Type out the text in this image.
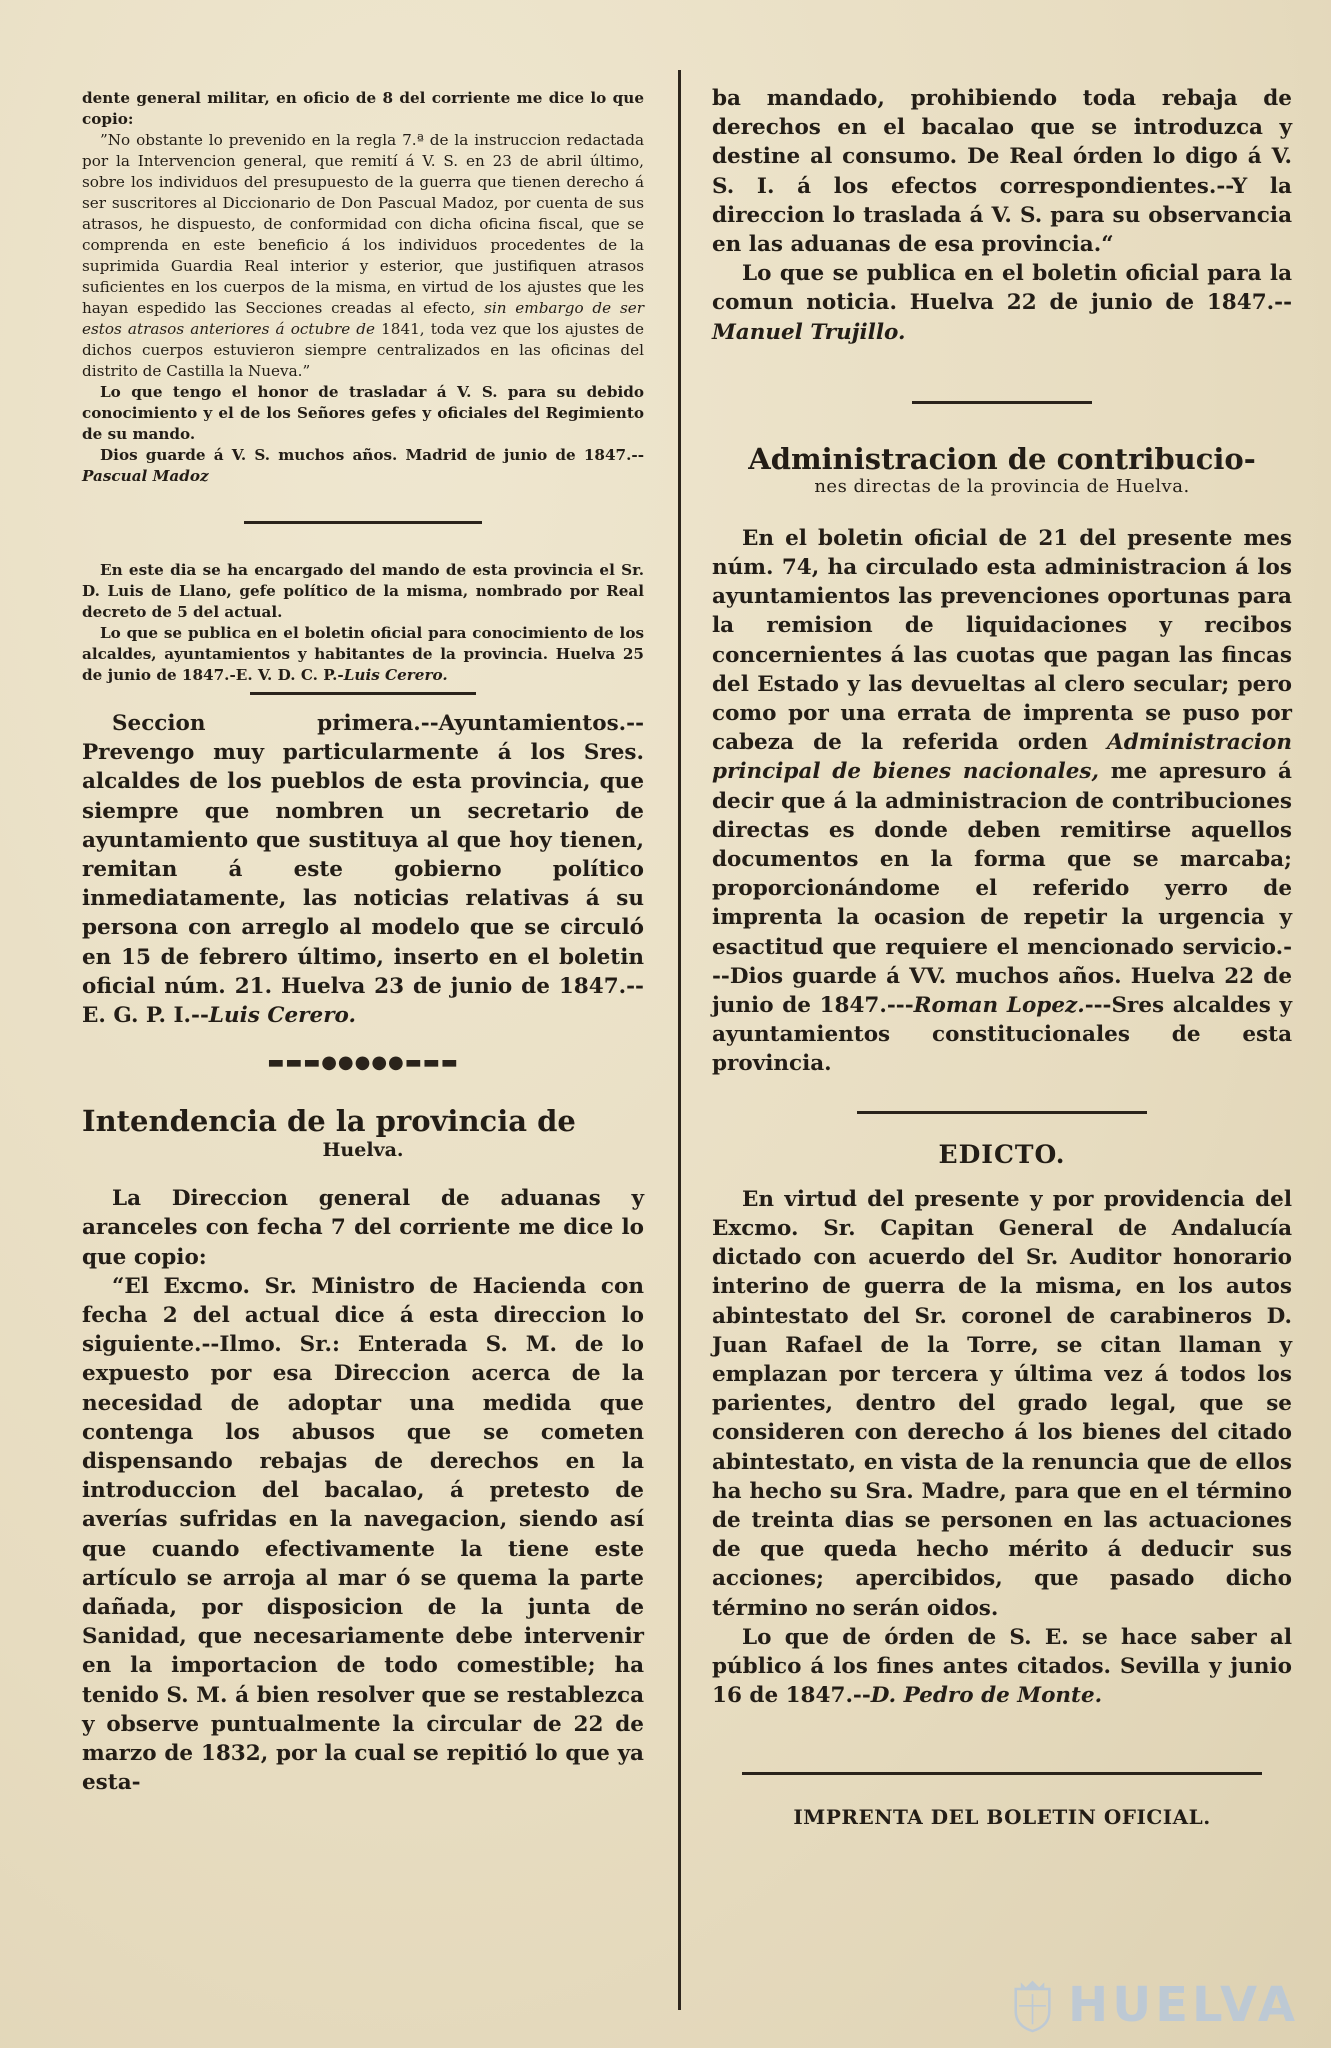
dente general militar, en oficio de 8 del corriente me dice lo que copio:

”No obstante lo prevenido en la regla 7.ª de la instruccion redactada por la Intervencion general, que remití á V. S. en 23 de abril último, sobre los individuos del presupuesto de la guerra que tienen derecho á ser suscritores al Diccionario de Don Pascual Madoz, por cuenta de sus atrasos, he dispuesto, de conformidad con dicha oficina fiscal, que se comprenda en este beneficio á los individuos procedentes de la suprimida Guardia Real interior y esterior, que justifiquen atrasos suficientes en los cuerpos de la misma, en virtud de los ajustes que les hayan espedido las Secciones creadas al efecto, sin embargo de ser estos atrasos anteriores á octubre de 1841, toda vez que los ajustes de dichos cuerpos estuvieron siempre centralizados en las oficinas del distrito de Castilla la Nueva.”

Lo que tengo el honor de trasladar á V. S. para su debido conocimiento y el de los Señores gefes y oficiales del Regimiento de su mando.

Dios guarde á V. S. muchos años. Madrid de junio de 1847.--Pascual Madoz

En este dia se ha encargado del mando de esta provincia el Sr. D. Luis de Llano, gefe político de la misma, nombrado por Real decreto de 5 del actual.

Lo que se publica en el boletin oficial para conocimiento de los alcaldes, ayuntamientos y habitantes de la provincia. Huelva 25 de junio de 1847.-E. V. D. C. P.-Luis Cerero.

Seccion primera.--Ayuntamientos.--Prevengo muy particularmente á los Sres. alcaldes de los pueblos de esta provincia, que siempre que nombren un secretario de ayuntamiento que sustituya al que hoy tienen, remitan á este gobierno político inmediatamente, las noticias relativas á su persona con arreglo al modelo que se circuló en 15 de febrero último, inserto en el boletin oficial núm. 21. Huelva 23 de junio de 1847.--E. G. P. I.--Luis Cerero.

▬▬▬●●●●●▬▬▬
Intendencia de la provincia de
Huelva.

La Direccion general de aduanas y aranceles con fecha 7 del corriente me dice lo que copio:

“El Excmo. Sr. Ministro de Hacienda con fecha 2 del actual dice á esta direccion lo siguiente.--Ilmo. Sr.: Enterada S. M. de lo expuesto por esa Direccion acerca de la necesidad de adoptar una medida que contenga los abusos que se cometen dispensando rebajas de derechos en la introduccion del bacalao, á pretesto de averías sufridas en la navegacion, siendo así que cuando efectivamente la tiene este artículo se arroja al mar ó se quema la parte dañada, por disposicion de la junta de Sanidad, que necesariamente debe intervenir en la importacion de todo comestible; ha tenido S. M. á bien resolver que se restablezca y observe puntualmente la circular de 22 de marzo de 1832, por la cual se repitió lo que ya esta-

ba mandado, prohibiendo toda rebaja de derechos en el bacalao que se introduzca y destine al consumo. De Real órden lo digo á V. S. I. á los efectos correspondientes.--Y la direccion lo traslada á V. S. para su observancia en las aduanas de esa provincia.“

Lo que se publica en el boletin oficial para la comun noticia. Huelva 22 de junio de 1847.--Manuel Trujillo.

Administracion de contribucio-
nes directas de la provincia de Huelva.

En el boletin oficial de 21 del presente mes núm. 74, ha circulado esta administracion á los ayuntamientos las prevenciones oportunas para la remision de liquidaciones y recibos concernientes á las cuotas que pagan las fincas del Estado y las devueltas al clero secular; pero como por una errata de imprenta se puso por cabeza de la referida orden Administracion principal de bienes nacionales, me apresuro á decir que á la administracion de contribuciones directas es donde deben remitirse aquellos documentos en la forma que se marcaba; proporcionándome el referido yerro de imprenta la ocasion de repetir la urgencia y esactitud que requiere el mencionado servicio.---Dios guarde á VV. muchos años. Huelva 22 de junio de 1847.---Roman Lopez.---Sres alcaldes y ayuntamientos constitucionales de esta provincia.

EDICTO.

En virtud del presente y por providencia del Excmo. Sr. Capitan General de Andalucía dictado con acuerdo del Sr. Auditor honorario interino de guerra de la misma, en los autos abintestato del Sr. coronel de carabineros D. Juan Rafael de la Torre, se citan llaman y emplazan por tercera y última vez á todos los parientes, dentro del grado legal, que se consideren con derecho á los bienes del citado abintestato, en vista de la renuncia que de ellos ha hecho su Sra. Madre, para que en el término de treinta dias se personen en las actuaciones de que queda hecho mérito á deducir sus acciones; apercibidos, que pasado dicho término no serán oidos.

Lo que de órden de S. E. se hace saber al público á los fines antes citados. Sevilla y junio 16 de 1847.--D. Pedro de Monte.

IMPRENTA DEL BOLETIN OFICIAL.
HUELVA
